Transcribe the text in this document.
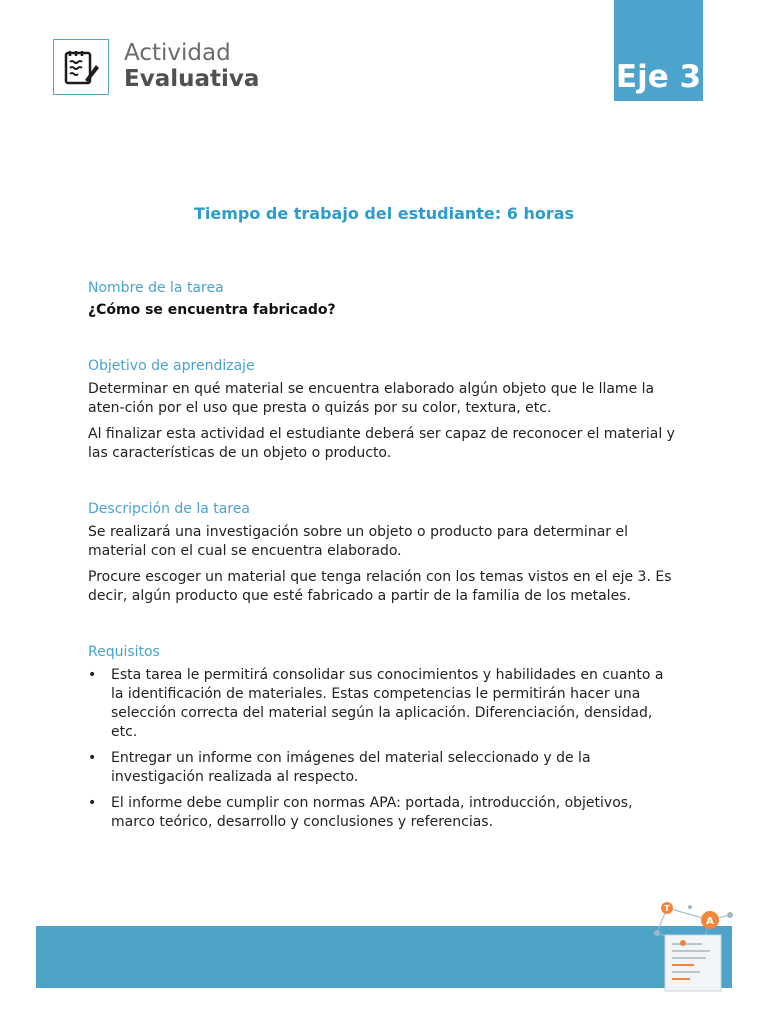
Actividad
Evaluativa	Eje 3
Tiempo de trabajo del estudiante: 6 horas

Nombre de la tarea

¿Cómo se encuentra fabricado?

Objetivo de aprendizaje

Determinar en qué material se encuentra elaborado algún objeto que le llame la aten-ción por el uso que presta o quizás por su color, textura, etc.

Al finalizar esta actividad el estudiante deberá ser capaz de reconocer el material y las características de un objeto o producto.

Descripción de la tarea

Se realizará una investigación sobre un objeto o producto para determinar el material con el cual se encuentra elaborado.

Procure escoger un material que tenga relación con los temas vistos en el eje 3. Es decir, algún producto que esté fabricado a partir de la familia de los metales.

Requisitos

• Esta tarea le permitirá consolidar sus conocimientos y habilidades en cuanto a la identificación de materiales. Estas competencias le permitirán hacer una selección correcta del material según la aplicación. Diferenciación, densidad, etc.
• Entregar un informe con imágenes del material seleccionado y de la investigación realizada al respecto.
• El informe debe cumplir con normas APA: portada, introducción, objetivos, marco teórico, desarrollo y conclusiones y referencias.
T
A
